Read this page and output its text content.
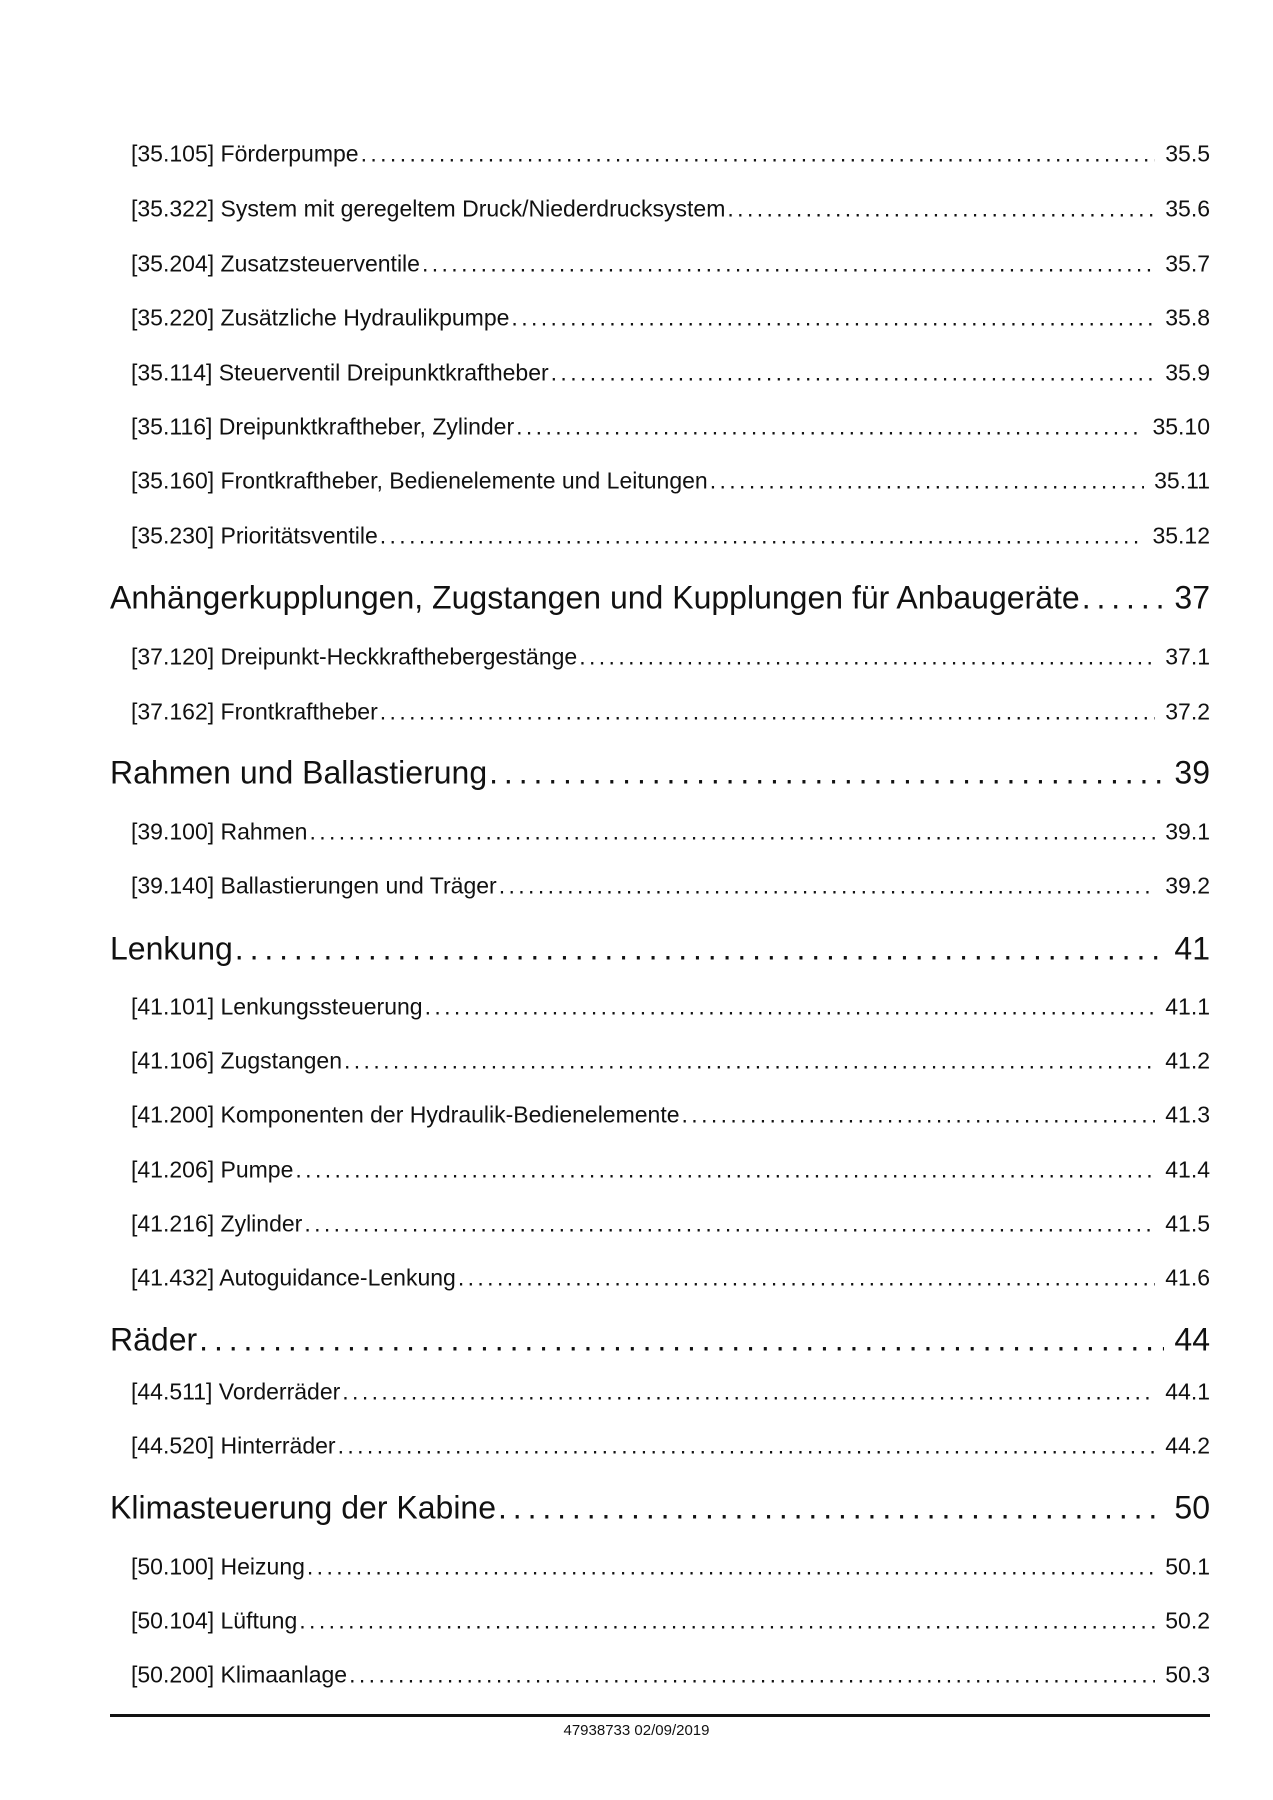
[35.105] Förderpumpe . . .	35.5
[35.322] System mit geregeltem Druck/Niederdrucksystem . . .	35.6
[35.204] Zusatzsteuerventile . . .	35.7
[35.220] Zusätzliche Hydraulikpumpe . . .	35.8
[35.114] Steuerventil Dreipunktkraftheber . . .	35.9
[35.116] Dreipunktkraftheber, Zylinder . . .	35.10
[35.160] Frontkraftheber, Bedienelemente und Leitungen . . .	35.11
[35.230] Prioritätsventile . . .	35.12
Anhängerkupplungen, Zugstangen und Kupplungen für Anbaugeräte . . .	37
[37.120] Dreipunkt-Heckkrafthebergestänge . . .	37.1
[37.162] Frontkraftheber . . .	37.2
Rahmen und Ballastierung . . .	39
[39.100] Rahmen . . .	39.1
[39.140] Ballastierungen und Träger . . .	39.2
Lenkung . . .	41
[41.101] Lenkungssteuerung . . .	41.1
[41.106] Zugstangen . . .	41.2
[41.200] Komponenten der Hydraulik-Bedienelemente . . .	41.3
[41.206] Pumpe . . .	41.4
[41.216] Zylinder . . .	41.5
[41.432] Autoguidance-Lenkung . . .	41.6
Räder . . .	44
[44.511] Vorderräder . . .	44.1
[44.520] Hinterräder . . .	44.2
Klimasteuerung der Kabine . . .	50
[50.100] Heizung . . .	50.1
[50.104] Lüftung . . .	50.2
[50.200] Klimaanlage . . .	50.3
47938733 02/09/2019
